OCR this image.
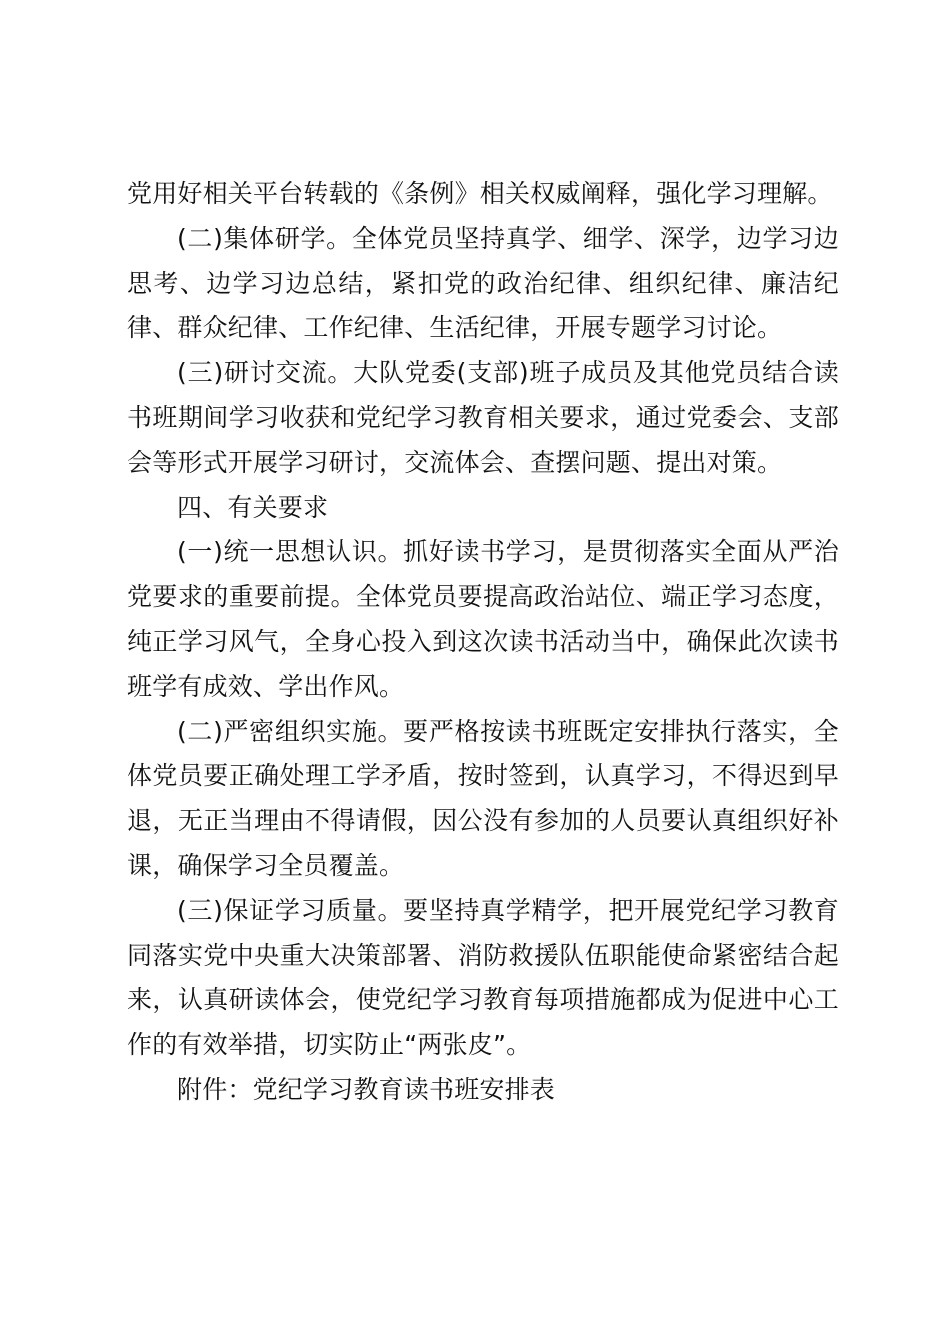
党用好相关平台转载的《条例》相关权威阐释，强化学习理解。

(二)集体研学。全体党员坚持真学、细学、深学，边学习边思考、边学习边总结，紧扣党的政治纪律、组织纪律、廉洁纪律、群众纪律、工作纪律、生活纪律，开展专题学习讨论。

(三)研讨交流。大队党委(支部)班子成员及其他党员结合读书班期间学习收获和党纪学习教育相关要求，通过党委会、支部会等形式开展学习研讨，交流体会、查摆问题、提出对策。

四、有关要求

(一)统一思想认识。抓好读书学习，是贯彻落实全面从严治党要求的重要前提。全体党员要提高政治站位、端正学习态度，纯正学习风气，全身心投入到这次读书活动当中，确保此次读书班学有成效、学出作风。

(二)严密组织实施。要严格按读书班既定安排执行落实，全体党员要正确处理工学矛盾，按时签到，认真学习，不得迟到早退，无正当理由不得请假，因公没有参加的人员要认真组织好补课，确保学习全员覆盖。

(三)保证学习质量。要坚持真学精学，把开展党纪学习教育同落实党中央重大决策部署、消防救援队伍职能使命紧密结合起来，认真研读体会，使党纪学习教育每项措施都成为促进中心工作的有效举措，切实防止“两张皮”。

附件：党纪学习教育读书班安排表
